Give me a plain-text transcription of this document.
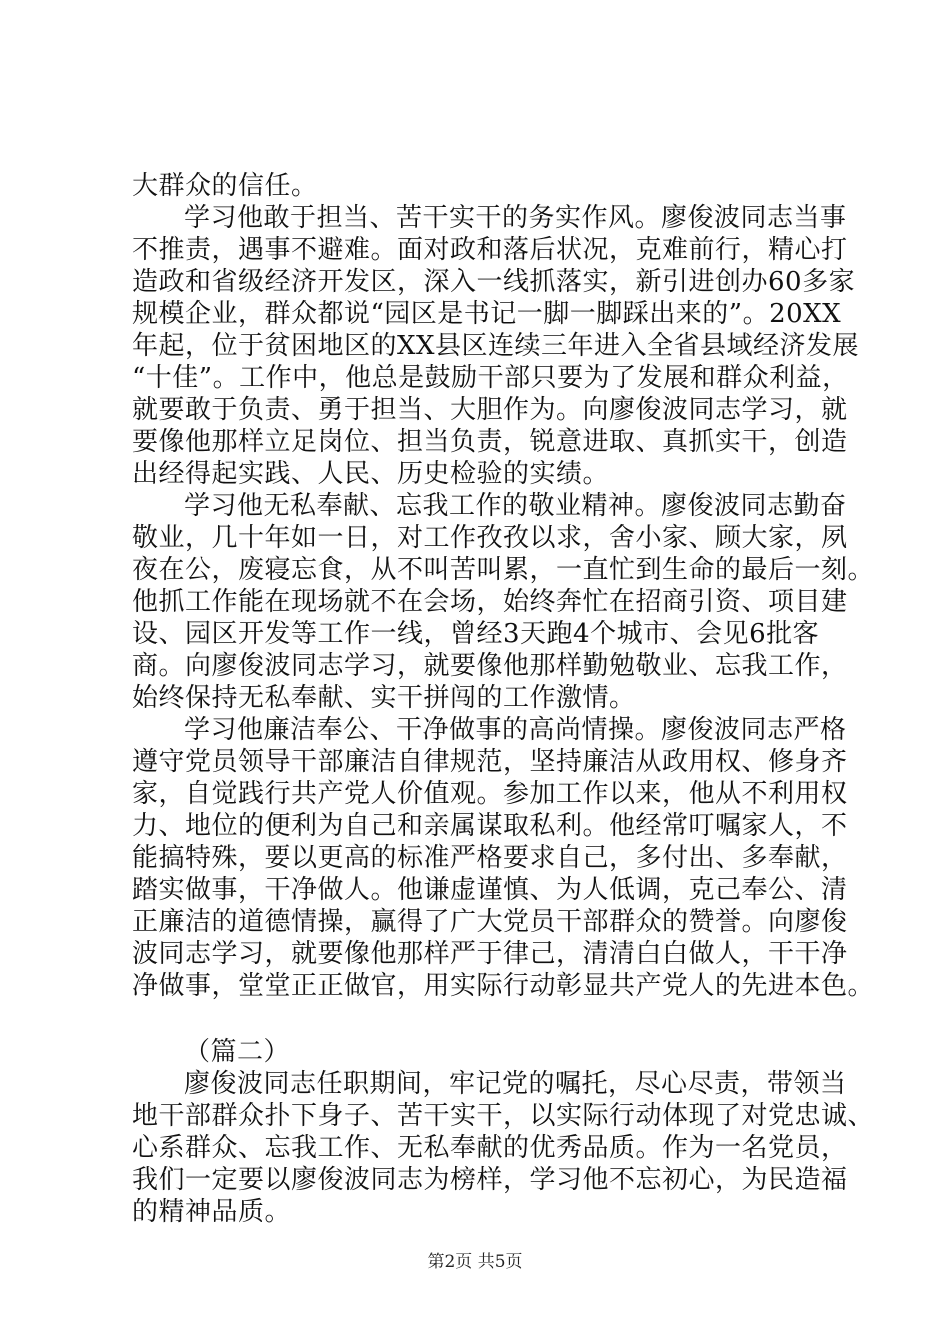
大群众的信任。
学习他敢于担当、苦干实干的务实作风。廖俊波同志当事
不推责，遇事不避难。面对政和落后状况，克难前行，精心打
造政和省级经济开发区，深入一线抓落实，新引进创办60多家
规模企业，群众都说“园区是书记一脚一脚踩出来的”。20XX
年起，位于贫困地区的XX县区连续三年进入全省县域经济发展
“十佳”。工作中，他总是鼓励干部只要为了发展和群众利益，
就要敢于负责、勇于担当、大胆作为。向廖俊波同志学习，就
要像他那样立足岗位、担当负责，锐意进取、真抓实干，创造
出经得起实践、人民、历史检验的实绩。
学习他无私奉献、忘我工作的敬业精神。廖俊波同志勤奋
敬业，几十年如一日，对工作孜孜以求，舍小家、顾大家，夙
夜在公，废寝忘食，从不叫苦叫累，一直忙到生命的最后一刻。
他抓工作能在现场就不在会场，始终奔忙在招商引资、项目建
设、园区开发等工作一线，曾经3天跑4个城市、会见6批客
商。向廖俊波同志学习，就要像他那样勤勉敬业、忘我工作，
始终保持无私奉献、实干拼闯的工作激情。
学习他廉洁奉公、干净做事的高尚情操。廖俊波同志严格
遵守党员领导干部廉洁自律规范，坚持廉洁从政用权、修身齐
家，自觉践行共产党人价值观。参加工作以来，他从不利用权
力、地位的便利为自己和亲属谋取私利。他经常叮嘱家人，不
能搞特殊，要以更高的标准严格要求自己，多付出、多奉献，
踏实做事，干净做人。他谦虚谨慎、为人低调，克己奉公、清
正廉洁的道德情操，赢得了广大党员干部群众的赞誉。向廖俊
波同志学习，就要像他那样严于律己，清清白白做人，干干净
净做事，堂堂正正做官，用实际行动彰显共产党人的先进本色。
（篇二）
廖俊波同志任职期间，牢记党的嘱托，尽心尽责，带领当
地干部群众扑下身子、苦干实干，以实际行动体现了对党忠诚、
心系群众、忘我工作、无私奉献的优秀品质。作为一名党员，
我们一定要以廖俊波同志为榜样，学习他不忘初心，为民造福
的精神品质。
第2页 共5页
